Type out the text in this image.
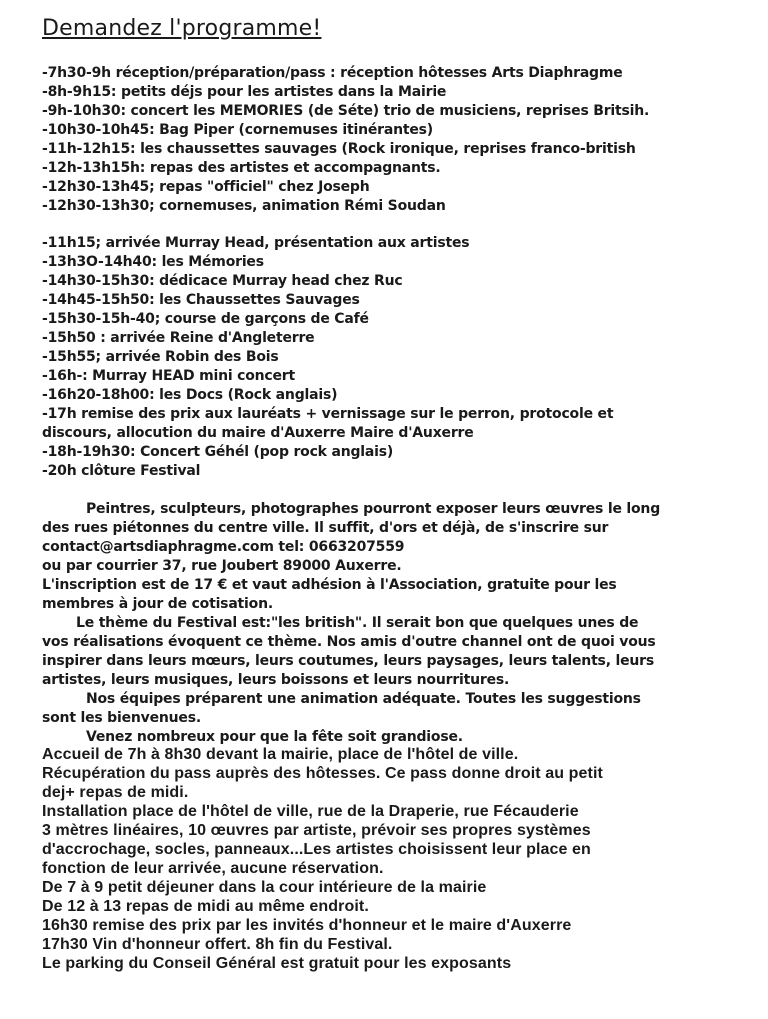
Demandez l'programme!
-7h30-9h réception/préparation/pass : réception hôtesses Arts Diaphragme
-8h-9h15: petits déjs pour les artistes dans la Mairie
-9h-10h30: concert les MEMORIES (de Séte) trio de musiciens, reprises Britsih.
-10h30-10h45: Bag Piper (cornemuses itinérantes)
-11h-12h15: les chaussettes sauvages (Rock ironique, reprises franco-british
-12h-13h15h: repas des artistes et accompagnants.
-12h30-13h45; repas "officiel" chez Joseph
-12h30-13h30; cornemuses, animation Rémi Soudan
-11h15; arrivée Murray Head, présentation aux artistes
-13h3O-14h40: les Mémories
-14h30-15h30: dédicace Murray head chez Ruc
-14h45-15h50: les Chaussettes Sauvages
-15h30-15h-40; course de garçons de Café
-15h50 : arrivée Reine d'Angleterre
-15h55; arrivée Robin des Bois
-16h-: Murray HEAD mini concert
-16h20-18h00: les Docs (Rock anglais)
-17h remise des prix aux lauréats + vernissage sur le perron, protocole et
discours, allocution du maire d'Auxerre Maire d'Auxerre
-18h-19h30: Concert Géhél (pop rock anglais)
-20h clôture Festival
Peintres, sculpteurs, photographes pourront exposer leurs œuvres le long
des rues piétonnes du centre ville. Il suffit, d'ors et déjà, de s'inscrire sur
contact@artsdiaphragme.com tel: 0663207559
ou par courrier 37, rue Joubert 89000 Auxerre.
L'inscription est de 17 € et vaut adhésion à l'Association, gratuite pour les
membres à jour de cotisation.
Le thème du Festival est:"les british". Il serait bon que quelques unes de
vos réalisations évoquent ce thème. Nos amis d'outre channel ont de quoi vous
inspirer dans leurs mœurs, leurs coutumes, leurs paysages, leurs talents, leurs
artistes, leurs musiques, leurs boissons et leurs nourritures.
Nos équipes préparent une animation adéquate. Toutes les suggestions
sont les bienvenues.
Venez nombreux pour que la fête soit grandiose.
Accueil de 7h à 8h30 devant la mairie, place de l'hôtel de ville.
Récupération du pass auprès des hôtesses. Ce pass donne droit au petit
dej+ repas de midi.
Installation place de l'hôtel de ville, rue de la Draperie, rue Fécauderie
3 mètres linéaires, 10 œuvres par artiste, prévoir ses propres systèmes
d'accrochage, socles, panneaux...Les artistes choisissent leur place en
fonction de leur arrivée, aucune réservation.
De 7 à 9 petit déjeuner dans la cour intérieure de la mairie
De 12 à 13 repas de midi au même endroit.
16h30 remise des prix par les invités d'honneur et le maire d'Auxerre
17h30 Vin d'honneur offert. 8h fin du Festival.
Le parking du Conseil Général est gratuit pour les exposants
